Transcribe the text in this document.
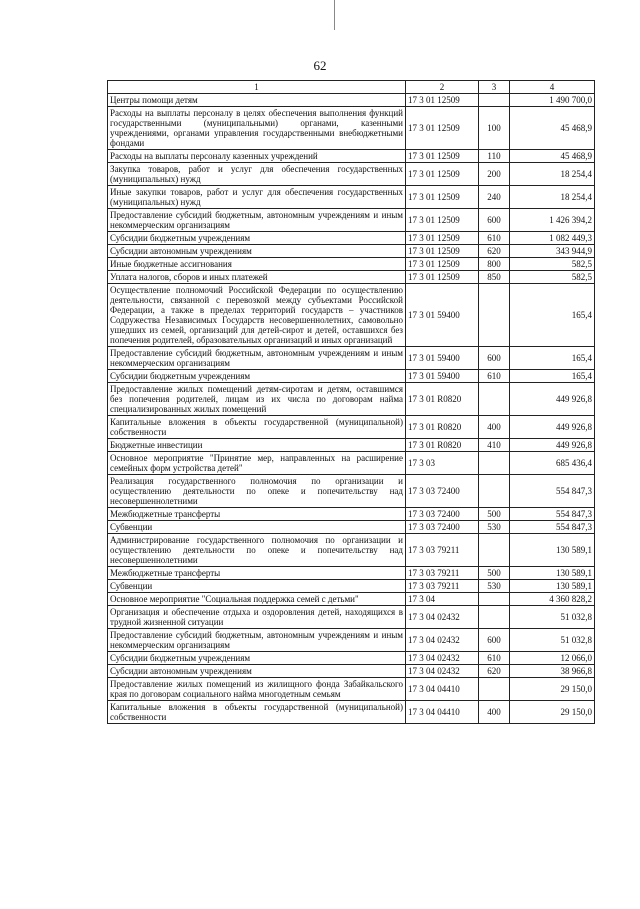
62
1	2	3	4
Центры помощи детям	17 3 01 12509		1 490 700,0
Расходы на выплаты персоналу в целях обеспечения выполнения функций государственными (муниципальными) органами, казенными учреждениями, органами управления государственными внебюджетными фондами	17 3 01 12509	100	45 468,9
Расходы на выплаты персоналу казенных учреждений	17 3 01 12509	110	45 468,9
Закупка товаров, работ и услуг для обеспечения государственных (муниципальных) нужд	17 3 01 12509	200	18 254,4
Иные закупки товаров, работ и услуг для обеспечения государственных (муниципальных) нужд	17 3 01 12509	240	18 254,4
Предоставление субсидий бюджетным, автономным учреждениям и иным некоммерческим организациям	17 3 01 12509	600	1 426 394,2
Субсидии бюджетным учреждениям	17 3 01 12509	610	1 082 449,3
Субсидии автономным учреждениям	17 3 01 12509	620	343 944,9
Иные бюджетные ассигнования	17 3 01 12509	800	582,5
Уплата налогов, сборов и иных платежей	17 3 01 12509	850	582,5
Осуществление полномочий Российской Федерации по осуществлению деятельности, связанной с перевозкой между субъектами Российской Федерации, а также в пределах территорий государств – участников Содружества Независимых Государств несовершеннолетних, самовольно ушедших из семей, организаций для детей-сирот и детей, оставшихся без попечения родителей, образовательных организаций и иных организаций	17 3 01 59400		165,4
Предоставление субсидий бюджетным, автономным учреждениям и иным некоммерческим организациям	17 3 01 59400	600	165,4
Субсидии бюджетным учреждениям	17 3 01 59400	610	165,4
Предоставление жилых помещений детям-сиротам и детям, оставшимся без попечения родителей, лицам из их числа по договорам найма специализированных жилых помещений	17 3 01 R0820		449 926,8
Капитальные вложения в объекты государственной (муниципальной) собственности	17 3 01 R0820	400	449 926,8
Бюджетные инвестиции	17 3 01 R0820	410	449 926,8
Основное мероприятие "Принятие мер, направленных на расширение семейных форм устройства детей"	17 3 03		685 436,4
Реализация государственного полномочия по организации и осуществлению деятельности по опеке и попечительству над несовершеннолетними	17 3 03 72400		554 847,3
Межбюджетные трансферты	17 3 03 72400	500	554 847,3
Субвенции	17 3 03 72400	530	554 847,3
Администрирование государственного полномочия по организации и осуществлению деятельности по опеке и попечительству над несовершеннолетними	17 3 03 79211		130 589,1
Межбюджетные трансферты	17 3 03 79211	500	130 589,1
Субвенции	17 3 03 79211	530	130 589,1
Основное мероприятие "Социальная поддержка семей с детьми"	17 3 04		4 360 828,2
Организация и обеспечение отдыха и оздоровления детей, находящихся в трудной жизненной ситуации	17 3 04 02432		51 032,8
Предоставление субсидий бюджетным, автономным учреждениям и иным некоммерческим организациям	17 3 04 02432	600	51 032,8
Субсидии бюджетным учреждениям	17 3 04 02432	610	12 066,0
Субсидии автономным учреждениям	17 3 04 02432	620	38 966,8
Предоставление жилых помещений из жилищного фонда Забайкальского края по договорам социального найма многодетным семьям	17 3 04 04410		29 150,0
Капитальные вложения в объекты государственной (муниципальной) собственности	17 3 04 04410	400	29 150,0
